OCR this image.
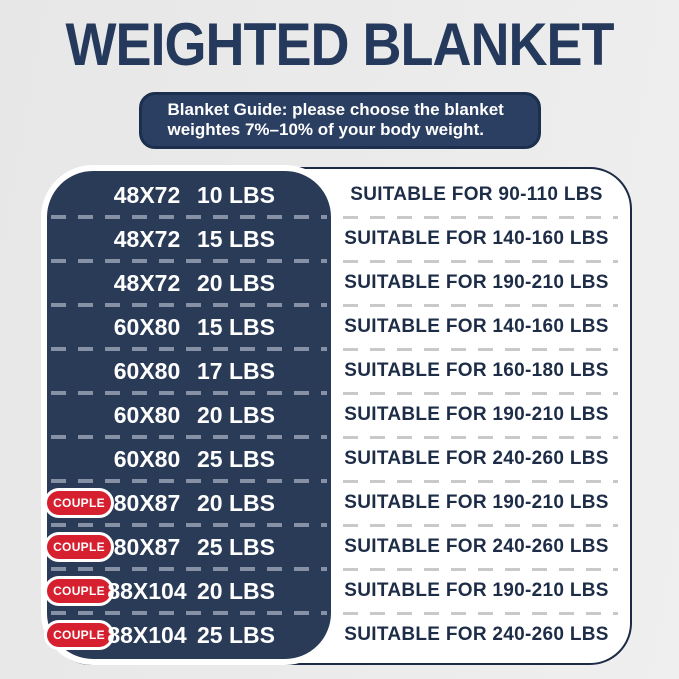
WEIGHTED BLANKET
Blanket Guide: please choose the blanket
weightes 7%–10% of your body weight.
48X72 10 LBS	SUITABLE FOR 90-110 LBS
48X72 15 LBS	SUITABLE FOR 140-160 LBS
48X72 20 LBS	SUITABLE FOR 190-210 LBS
60X80 15 LBS	SUITABLE FOR 140-160 LBS
60X80 17 LBS	SUITABLE FOR 160-180 LBS
60X80 20 LBS	SUITABLE FOR 190-210 LBS
60X80 25 LBS	SUITABLE FOR 240-260 LBS
COUPLE 80X87 20 LBS	SUITABLE FOR 190-210 LBS
COUPLE 80X87 25 LBS	SUITABLE FOR 240-260 LBS
COUPLE 88X104 20 LBS	SUITABLE FOR 190-210 LBS
COUPLE 88X104 25 LBS	SUITABLE FOR 240-260 LBS
